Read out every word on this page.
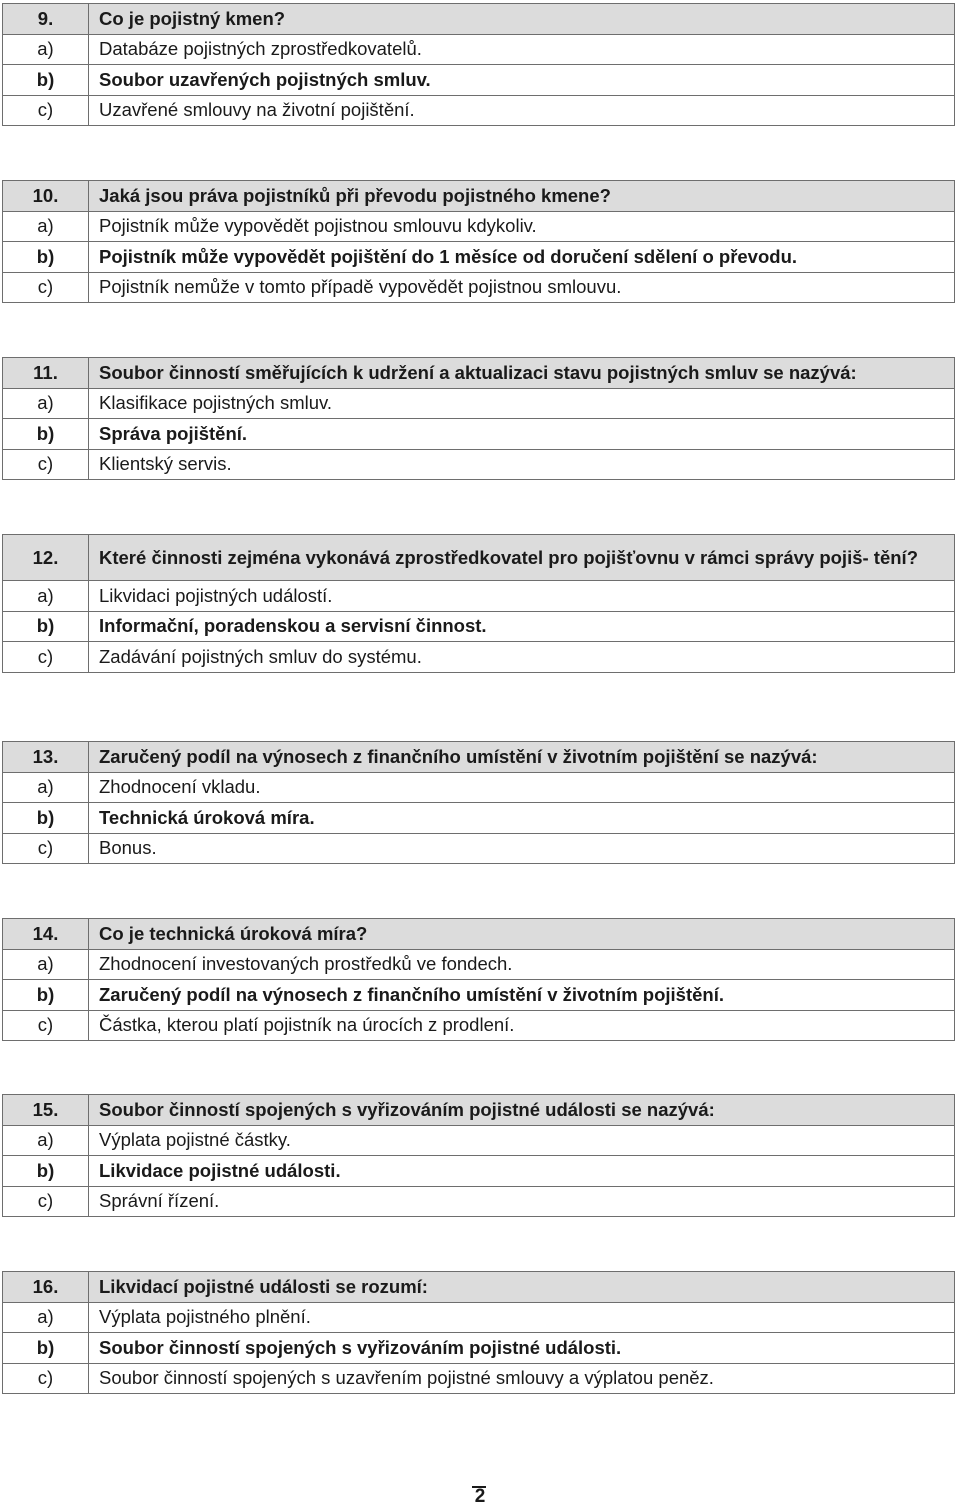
9.	Co je pojistný kmen?
a)	Databáze pojistných zprostředkovatelů.
b)	Soubor uzavřených pojistných smluv.
c)	Uzavřené smlouvy na životní pojištění.
10.	Jaká jsou práva pojistníků při převodu pojistného kmene?
a)	Pojistník může vypovědět pojistnou smlouvu kdykoliv.
b)	Pojistník může vypovědět pojištění do 1 měsíce od doručení sdělení o převodu.
c)	Pojistník nemůže v tomto případě vypovědět pojistnou smlouvu.
11.	Soubor činností směřujících k udržení a aktualizaci stavu pojistných smluv se nazývá:
a)	Klasifikace pojistných smluv.
b)	Správa pojištění.
c)	Klientský servis.
12.	Které činnosti zejména vykonává zprostředkovatel pro pojišťovnu v rámci správy pojiš- tění?
a)	Likvidaci pojistných událostí.
b)	Informační, poradenskou a servisní činnost.
c)	Zadávání pojistných smluv do systému.
13.	Zaručený podíl na výnosech z finančního umístění v životním pojištění se nazývá:
a)	Zhodnocení vkladu.
b)	Technická úroková míra.
c)	Bonus.
14.	Co je technická úroková míra?
a)	Zhodnocení investovaných prostředků ve fondech.
b)	Zaručený podíl na výnosech z finančního umístění v životním pojištění.
c)	Částka, kterou platí pojistník na úrocích z prodlení.
15.	Soubor činností spojených s vyřizováním pojistné události se nazývá:
a)	Výplata pojistné částky.
b)	Likvidace pojistné události.
c)	Správní řízení.
16.	Likvidací pojistné události se rozumí:
a)	Výplata pojistného plnění.
b)	Soubor činností spojených s vyřizováním pojistné události.
c)	Soubor činností spojených s uzavřením pojistné smlouvy a výplatou peněz.
2
